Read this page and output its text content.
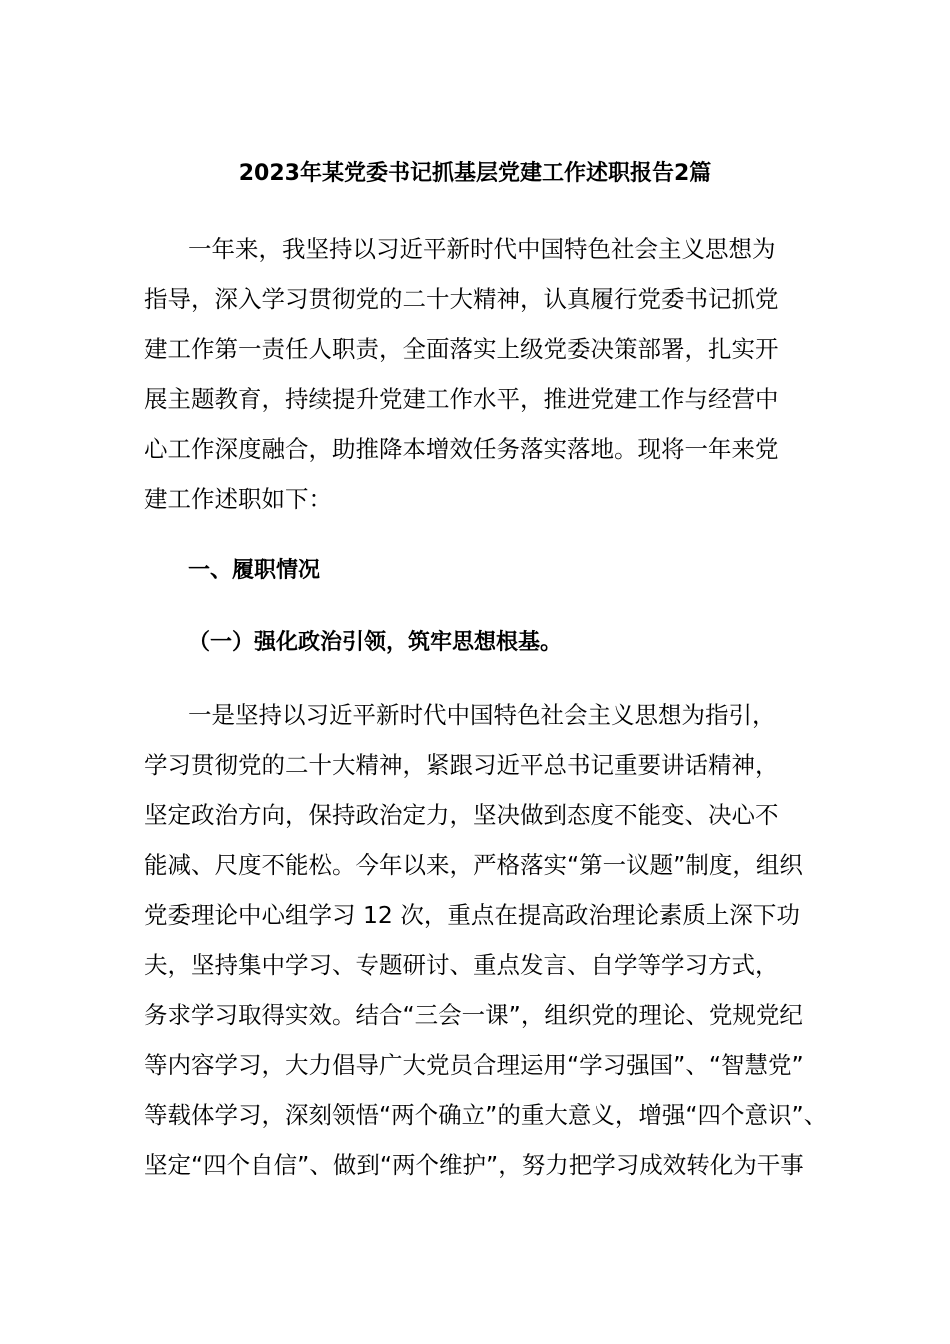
2023年某党委书记抓基层党建工作述职报告2篇
一年来，我坚持以习近平新时代中国特色社会主义思想为
指导，深入学习贯彻党的二十大精神，认真履行党委书记抓党
建工作第一责任人职责，全面落实上级党委决策部署，扎实开
展主题教育，持续提升党建工作水平，推进党建工作与经营中
心工作深度融合，助推降本增效任务落实落地。现将一年来党
建工作述职如下：
一、履职情况
（一）强化政治引领，筑牢思想根基。
一是坚持以习近平新时代中国特色社会主义思想为指引，
学习贯彻党的二十大精神，紧跟习近平总书记重要讲话精神，
坚定政治方向，保持政治定力，坚决做到态度不能变、决心不
能减、尺度不能松。今年以来，严格落实“第一议题”制度，组织
党委理论中心组学习 12 次，重点在提高政治理论素质上深下功
夫，坚持集中学习、专题研讨、重点发言、自学等学习方式，
务求学习取得实效。结合“三会一课”，组织党的理论、党规党纪
等内容学习，大力倡导广大党员合理运用“学习强国”、“智慧党”
等载体学习，深刻领悟“两个确立”的重大意义，增强“四个意识”、
坚定“四个自信”、做到“两个维护”，努力把学习成效转化为干事
